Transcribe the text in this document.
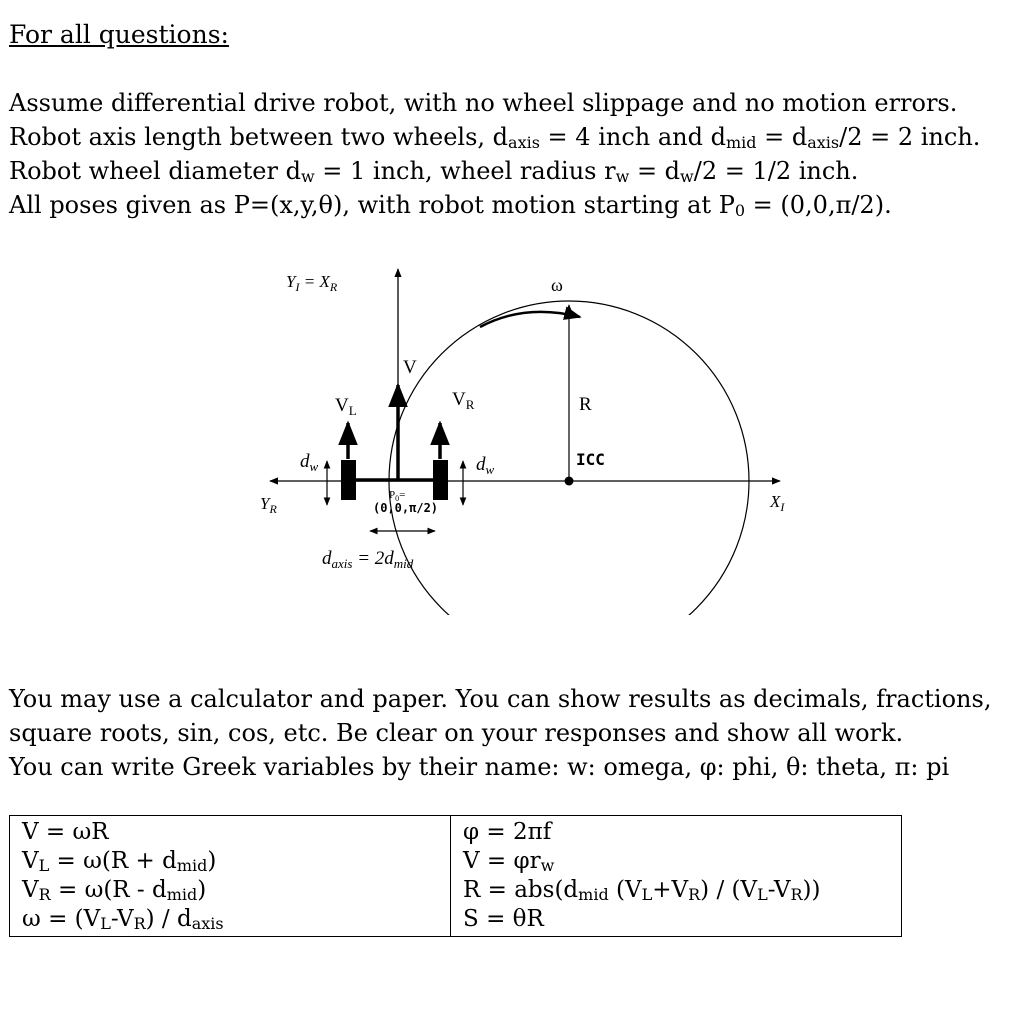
For all questions:
Assume differential drive robot, with no wheel slippage and no motion errors.
Robot axis length between two wheels, $d_{axis} = 4$ inch and $d_{mid} = d_{axis}/2 = 2$ inch.
Robot wheel diameter $d_w = 1$ inch, wheel radius $r_w = d_w/2 = 1/2$ inch.
All poses given as P=(x,y,θ), with robot motion starting at $P_0 = (0,0,\pi/2)$.
$Y_I = X_R$	ω
V
$V_L$
$V_R$	R
ICC
$d_w$	$d_w$
$Y_R$	$X_I$
$P_0=$
(0,0,π/2)
$d_{axis} = 2d_{mid}$
You may use a calculator and paper. You can show results as decimals, fractions,
square roots, sin, cos, etc. Be clear on your responses and show all work.
You can write Greek variables by their name: w: omega, φ: phi, θ: theta, π: pi
V = ωR
$V_L = \omega(R + d_{mid})$
$V_R = \omega(R - d_{mid})$
$\omega = (V_L-V_R) / d_{axis}$

φ = 2πf
$V = \varphi r_w$
$R = abs(d_{mid}$ $(V_L+V_R) / (V_L-V_R)$)
S = θR
